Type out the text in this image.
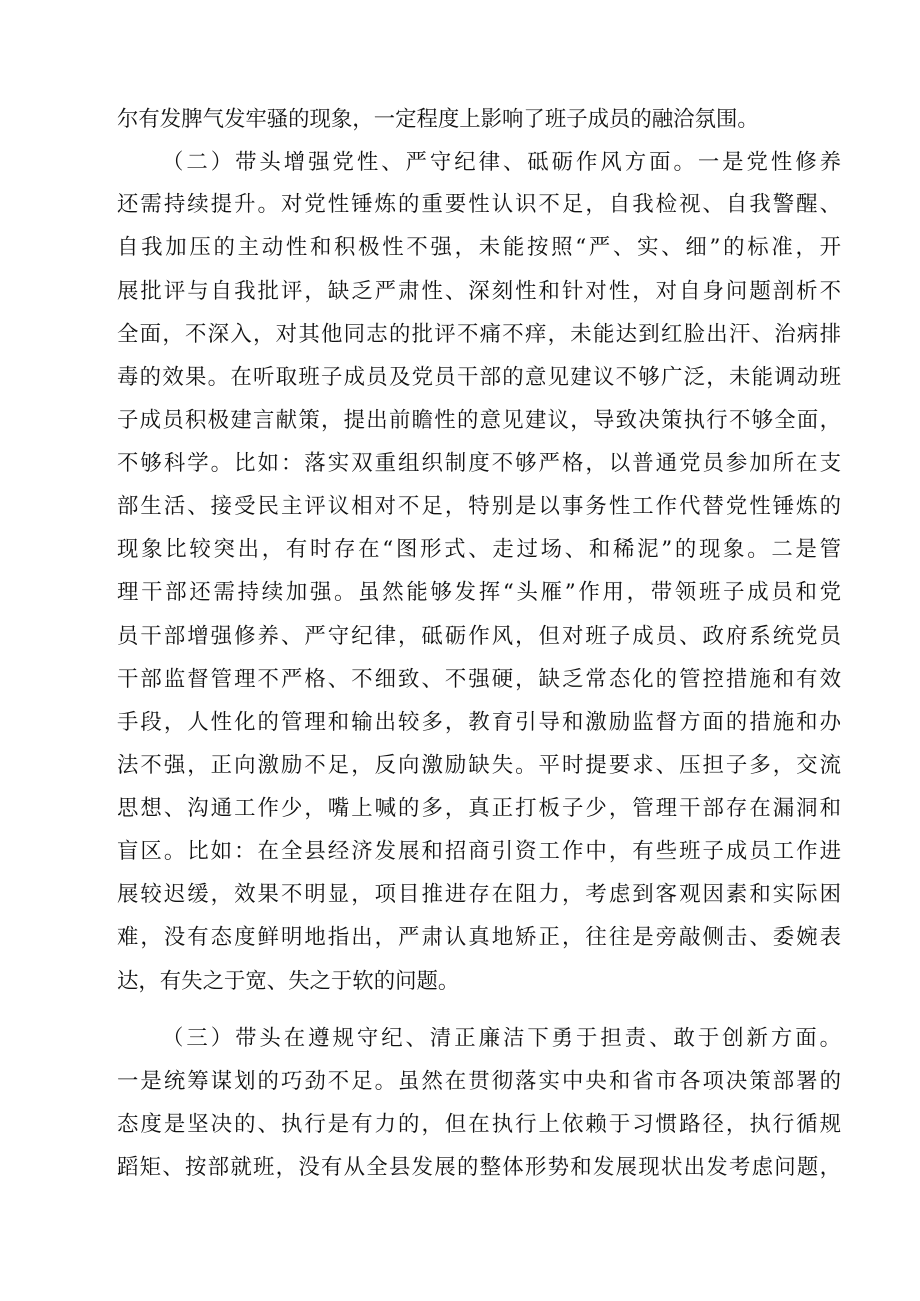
尔有发脾气发牢骚的现象，一定程度上影响了班子成员的融洽氛围。
（二）带头增强党性、严守纪律、砥砺作风方面。一是党性修养
还需持续提升。对党性锤炼的重要性认识不足，自我检视、自我警醒、
自我加压的主动性和积极性不强，未能按照“严、实、细”的标准，开
展批评与自我批评，缺乏严肃性、深刻性和针对性，对自身问题剖析不
全面，不深入，对其他同志的批评不痛不痒，未能达到红脸出汗、治病排
毒的效果。在听取班子成员及党员干部的意见建议不够广泛，未能调动班
子成员积极建言献策，提出前瞻性的意见建议，导致决策执行不够全面，
不够科学。比如：落实双重组织制度不够严格，以普通党员参加所在支
部生活、接受民主评议相对不足，特别是以事务性工作代替党性锤炼的
现象比较突出，有时存在“图形式、走过场、和稀泥”的现象。二是管
理干部还需持续加强。虽然能够发挥“头雁”作用，带领班子成员和党
员干部增强修养、严守纪律，砥砺作风，但对班子成员、政府系统党员
干部监督管理不严格、不细致、不强硬，缺乏常态化的管控措施和有效
手段，人性化的管理和输出较多，教育引导和激励监督方面的措施和办
法不强，正向激励不足，反向激励缺失。平时提要求、压担子多，交流
思想、沟通工作少，嘴上喊的多，真正打板子少，管理干部存在漏洞和
盲区。比如：在全县经济发展和招商引资工作中，有些班子成员工作进
展较迟缓，效果不明显，项目推进存在阻力，考虑到客观因素和实际困
难，没有态度鲜明地指出，严肃认真地矫正，往往是旁敲侧击、委婉表
达，有失之于宽、失之于软的问题。
（三）带头在遵规守纪、清正廉洁下勇于担责、敢于创新方面。
一是统筹谋划的巧劲不足。虽然在贯彻落实中央和省市各项决策部署的
态度是坚决的、执行是有力的，但在执行上依赖于习惯路径，执行循规
蹈矩、按部就班，没有从全县发展的整体形势和发展现状出发考虑问题，
